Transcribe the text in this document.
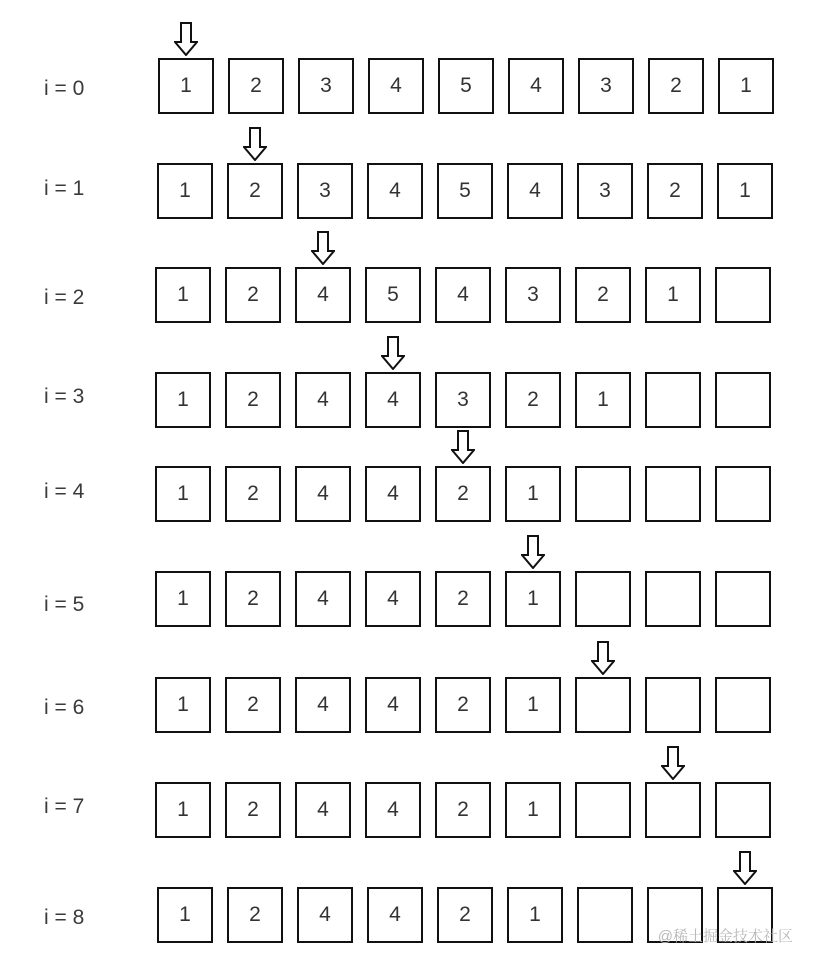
i = 0	1	2	3	4	5	4	3	2	1
i = 1	1	2	3	4	5	4	3	2	1
i = 2	1	2	4	5	4	3	2	1
i = 3	1	2	4	4	3	2	1
i = 4	1	2	4	4	2	1
i = 5	1	2	4	4	2	1
i = 6	1	2	4	4	2	1
i = 7	1	2	4	4	2	1
i = 8	1	2	4	4	2	1
@稀土掘金技术社区
